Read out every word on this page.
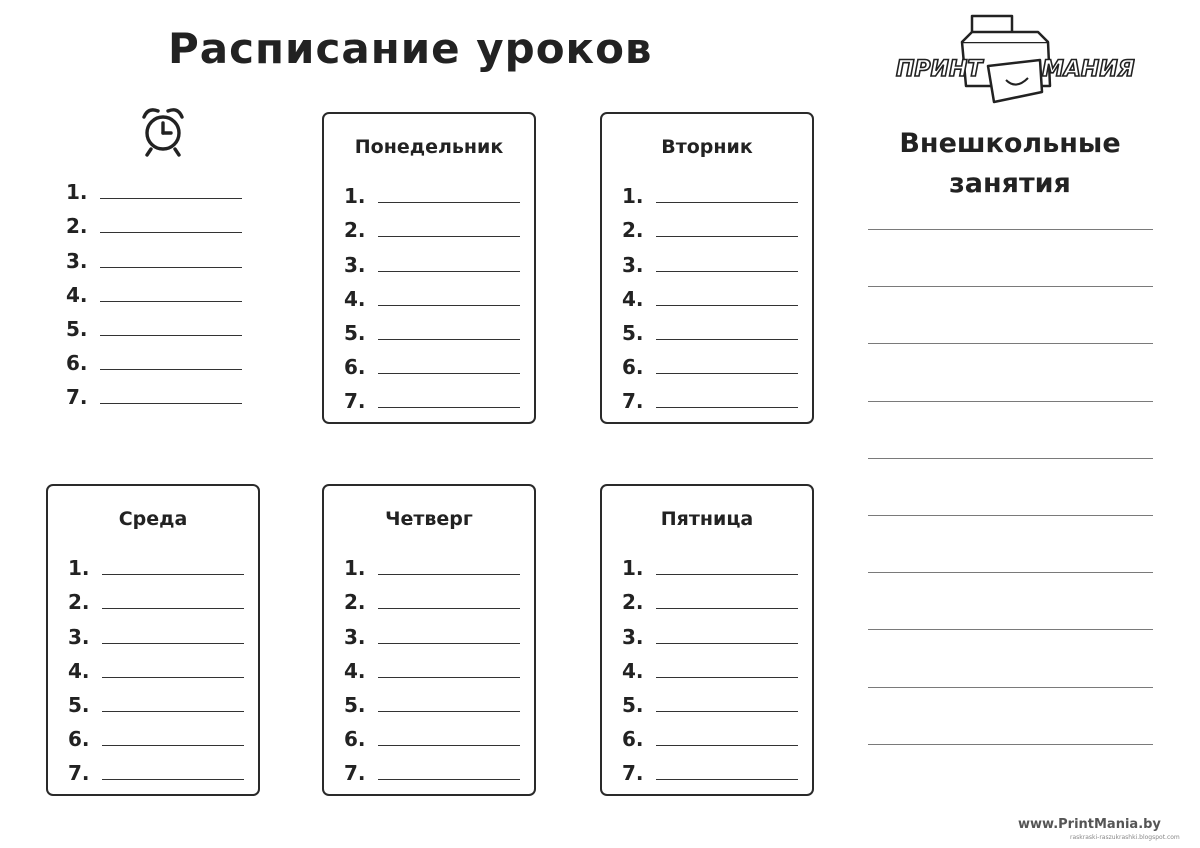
Расписание уроков	ПРИНТ	МАНИЯ
1.
2.
3.
4.
5.
6.
7.
Понедельник
1.
2.
3.
4.
5.
6.
7.
Вторник
1.
2.
3.
4.
5.
6.
7.
Среда
1.
2.
3.
4.
5.
6.
7.
Четверг
1.
2.
3.
4.
5.
6.
7.
Пятница
1.
2.
3.
4.
5.
6.
7.
Внешкольные
занятия
www.PrintMania.by
raskraski-raszukrashki.blogspot.com
